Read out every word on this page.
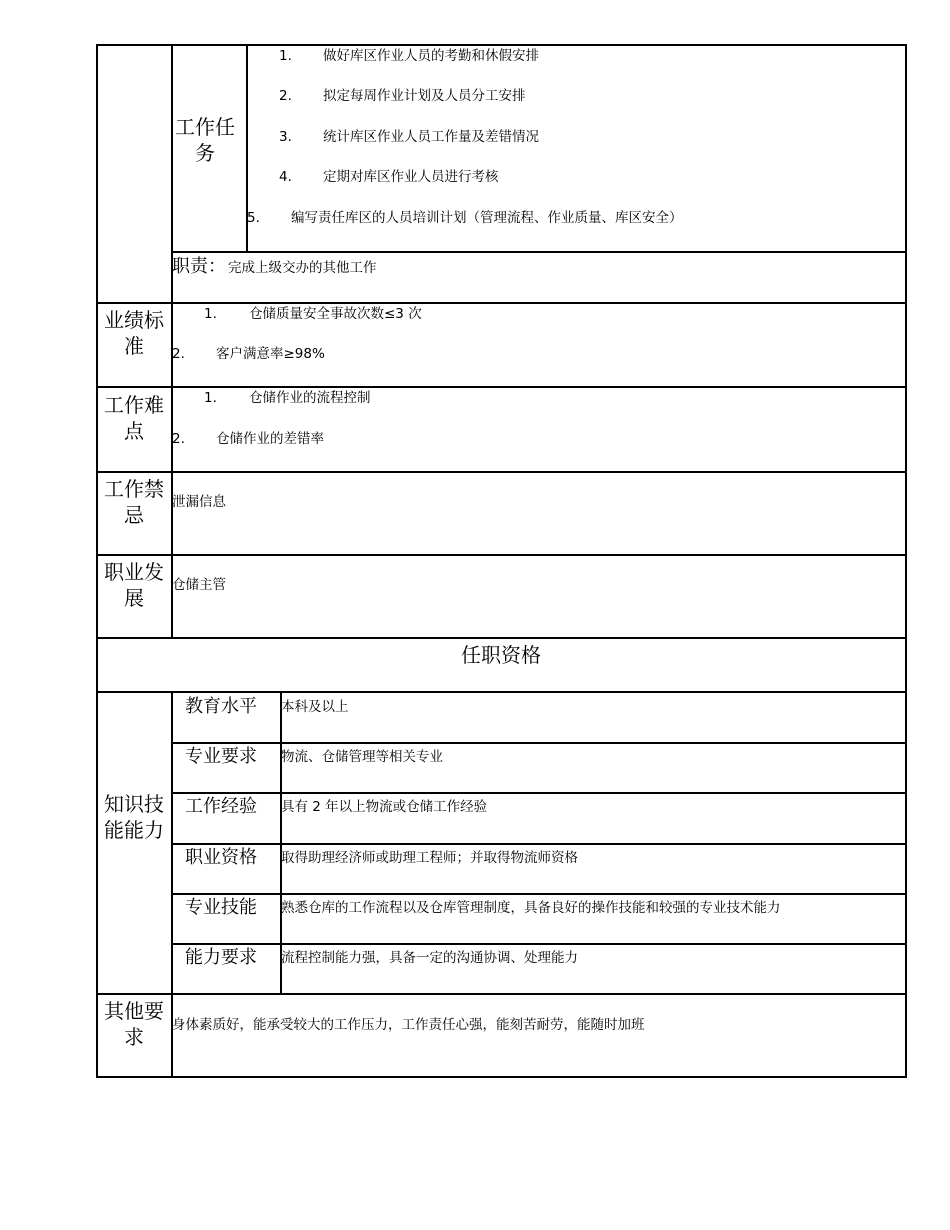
工作任务
1. 做好库区作业人员的考勤和休假安排
2. 拟定每周作业计划及人员分工安排
3. 统计库区作业人员工作量及差错情况
4. 定期对库区作业人员进行考核
5. 编写责任库区的人员培训计划（管理流程、作业质量、库区安全）
职责： 完成上级交办的其他工作
业绩标准
1. 仓储质量安全事故次数≤3 次
2. 客户满意率≥98%
工作难点
1. 仓储作业的流程控制
2. 仓储作业的差错率
工作禁忌
泄漏信息
职业发展
仓储主管
任职资格
知识技能能力
教育水平 本科及以上
专业要求 物流、仓储管理等相关专业
工作经验 具有 2 年以上物流或仓储工作经验
职业资格 取得助理经济师或助理工程师；并取得物流师资格
专业技能 熟悉仓库的工作流程以及仓库管理制度，具备良好的操作技能和较强的专业技术能力
能力要求 流程控制能力强，具备一定的沟通协调、处理能力
其他要求	身体素质好，能承受较大的工作压力，工作责任心强，能刻苦耐劳，能随时加班
